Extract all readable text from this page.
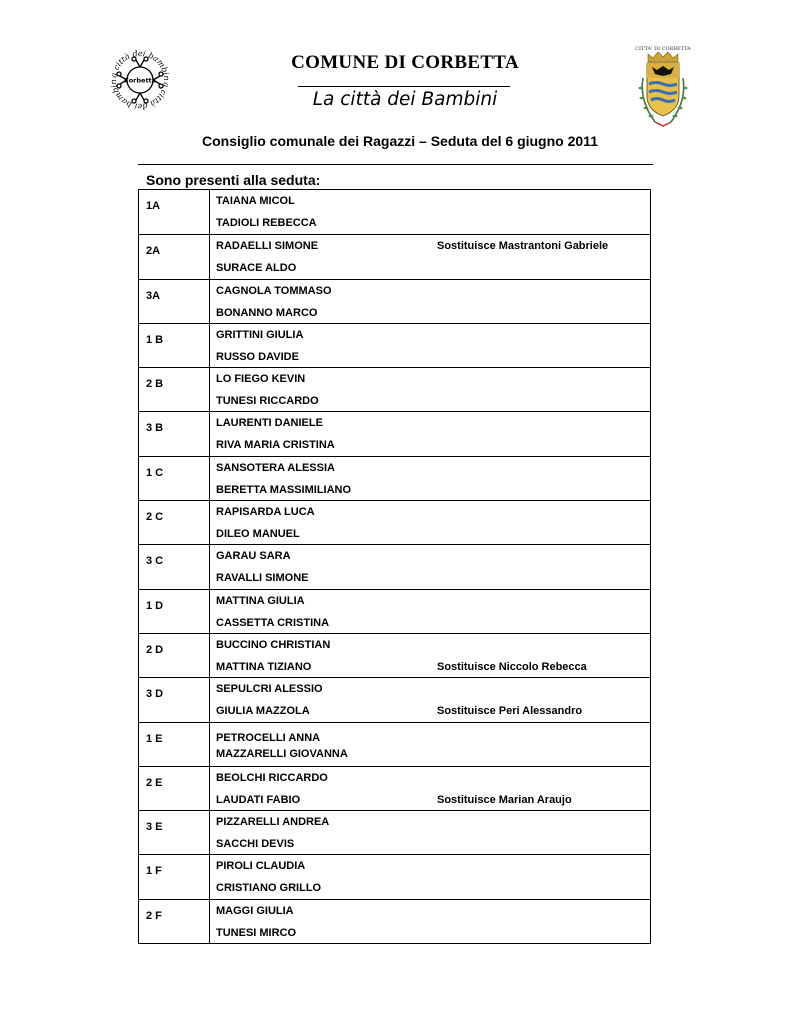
a città dei bambin
a città dei bambin Corbetta
CITTA' DI CORBETTA
COMUNE DI CORBETTA
La città dei Bambini
Consiglio comunale dei Ragazzi – Seduta del 6 giugno 2011
Sono presenti alla seduta:
1A	TAIANA MICOL
TADIOLI REBECCA
2A	RADAELLI SIMONE	Sostituisce Mastrantoni Gabriele
SURACE ALDO
3A	CAGNOLA TOMMASO
BONANNO MARCO
1 B	GRITTINI GIULIA
RUSSO DAVIDE
2 B	LO FIEGO KEVIN
TUNESI RICCARDO
3 B	LAURENTI DANIELE
RIVA MARIA CRISTINA
1 C	SANSOTERA ALESSIA
BERETTA MASSIMILIANO
2 C	RAPISARDA LUCA
DILEO MANUEL
3 C	GARAU SARA
RAVALLI SIMONE
1 D	MATTINA GIULIA
CASSETTA CRISTINA
2 D	BUCCINO CHRISTIAN
MATTINA TIZIANO	Sostituisce Niccolo Rebecca
3 D	SEPULCRI ALESSIO
GIULIA MAZZOLA	Sostituisce Peri Alessandro
1 E	PETROCELLI ANNA
MAZZARELLI GIOVANNA
2 E	BEOLCHI RICCARDO
LAUDATI FABIO	Sostituisce Marian Araujo
3 E	PIZZARELLI ANDREA
SACCHI DEVIS
1 F	PIROLI CLAUDIA
CRISTIANO GRILLO
2 F	MAGGI GIULIA
TUNESI MIRCO
